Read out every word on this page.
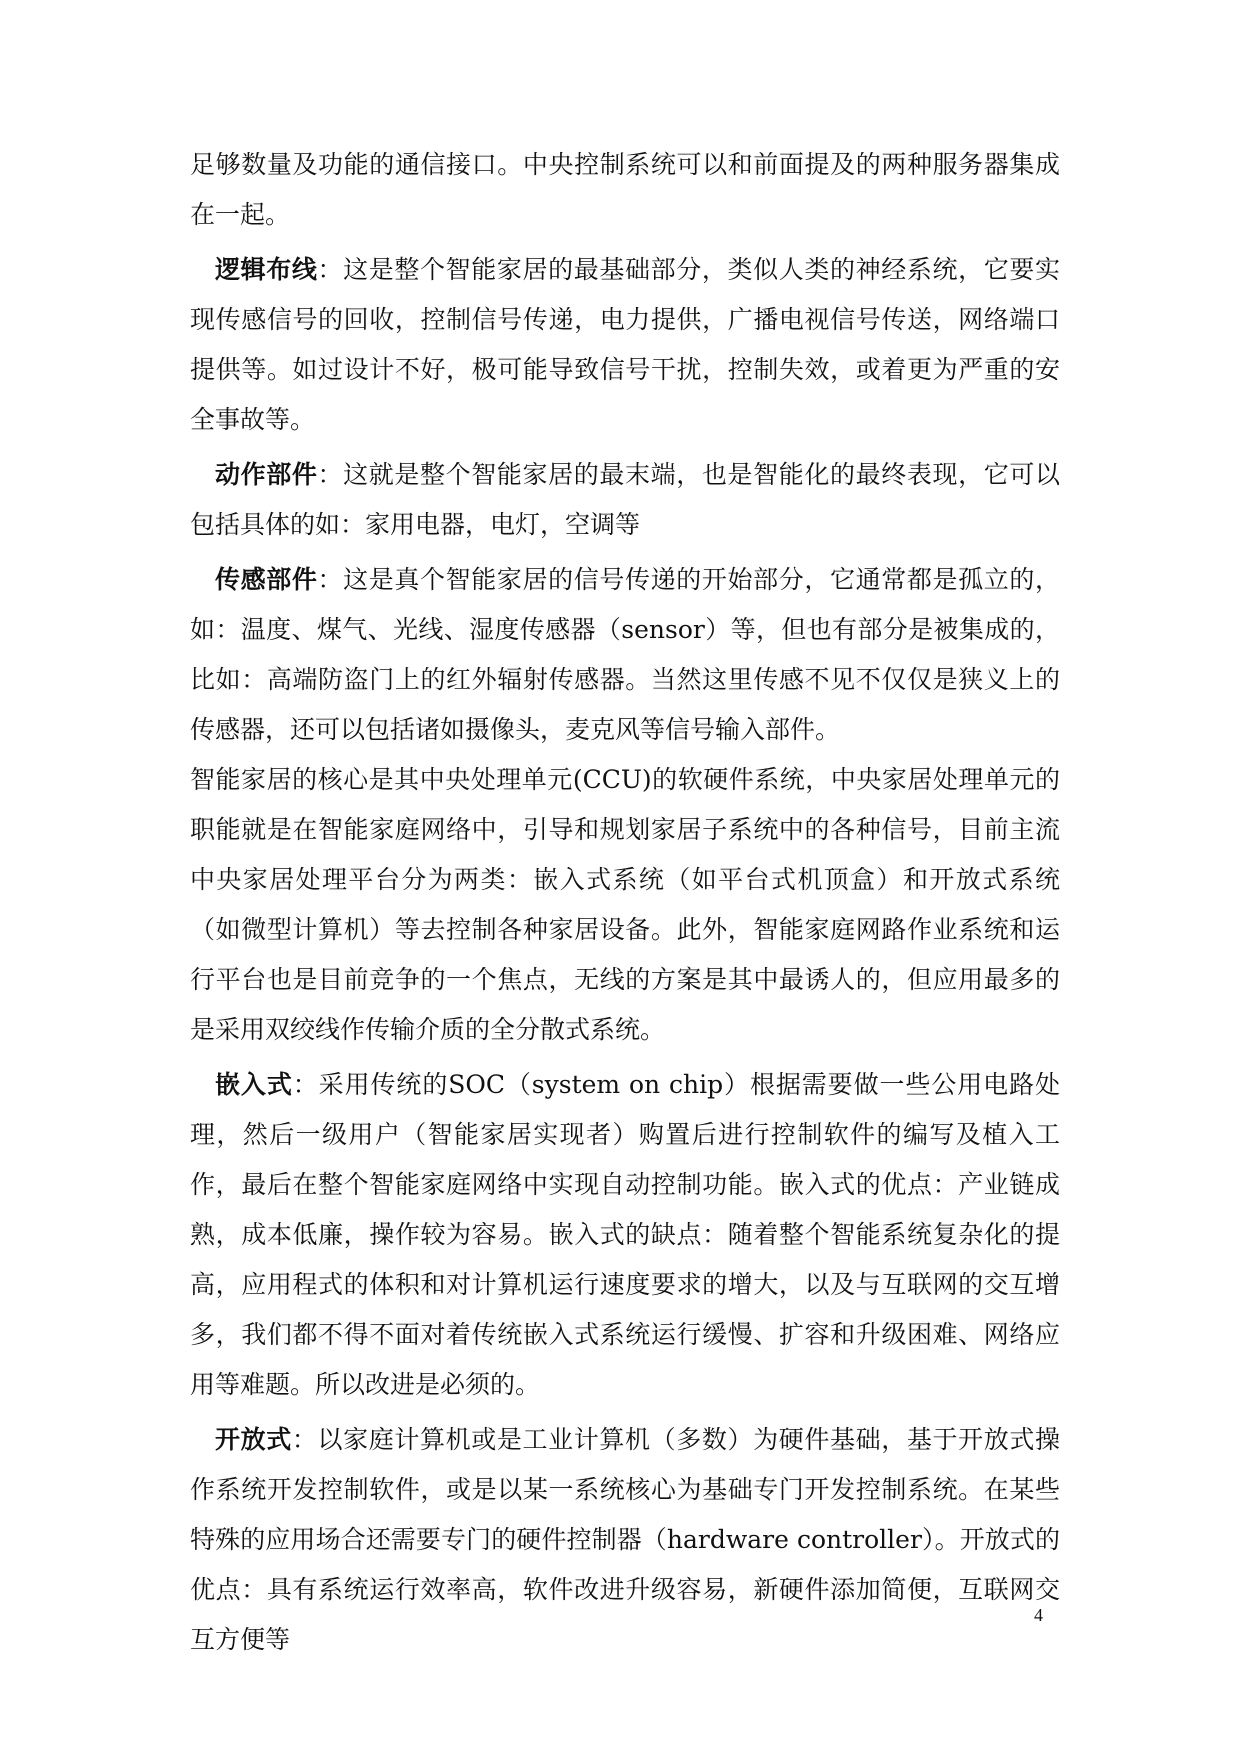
足够数量及功能的通信接口。中央控制系统可以和前面提及的两种服务器集成在一起。

逻辑布线：这是整个智能家居的最基础部分，类似人类的神经系统，它要实现传感信号的回收，控制信号传递，电力提供，广播电视信号传送，网络端口提供等。如过设计不好，极可能导致信号干扰，控制失效，或着更为严重的安全事故等。

动作部件：这就是整个智能家居的最末端，也是智能化的最终表现，它可以包括具体的如：家用电器，电灯，空调等

传感部件：这是真个智能家居的信号传递的开始部分，它通常都是孤立的，如：温度、煤气、光线、湿度传感器（sensor）等，但也有部分是被集成的，比如：高端防盗门上的红外辐射传感器。当然这里传感不见不仅仅是狭义上的传感器，还可以包括诸如摄像头，麦克风等信号输入部件。

智能家居的核心是其中央处理单元(CCU)的软硬件系统，中央家居处理单元的职能就是在智能家庭网络中，引导和规划家居子系统中的各种信号，目前主流中央家居处理平台分为两类：嵌入式系统（如平台式机顶盒）和开放式系统（如微型计算机）等去控制各种家居设备。此外，智能家庭网路作业系统和运行平台也是目前竞争的一个焦点，无线的方案是其中最诱人的，但应用最多的是采用双绞线作传输介质的全分散式系统。

嵌入式：采用传统的SOC（system on chip）根据需要做一些公用电路处理，然后一级用户（智能家居实现者）购置后进行控制软件的编写及植入工作，最后在整个智能家庭网络中实现自动控制功能。嵌入式的优点：产业链成熟，成本低廉，操作较为容易。嵌入式的缺点：随着整个智能系统复杂化的提高，应用程式的体积和对计算机运行速度要求的增大，以及与互联网的交互增多，我们都不得不面对着传统嵌入式系统运行缓慢、扩容和升级困难、网络应用等难题。所以改进是必须的。

开放式：以家庭计算机或是工业计算机（多数）为硬件基础，基于开放式操作系统开发控制软件，或是以某一系统核心为基础专门开发控制系统。在某些特殊的应用场合还需要专门的硬件控制器（hardware controller）。开放式的优点：具有系统运行效率高，软件改进升级容易，新硬件添加简便，互联网交互方便等

4
